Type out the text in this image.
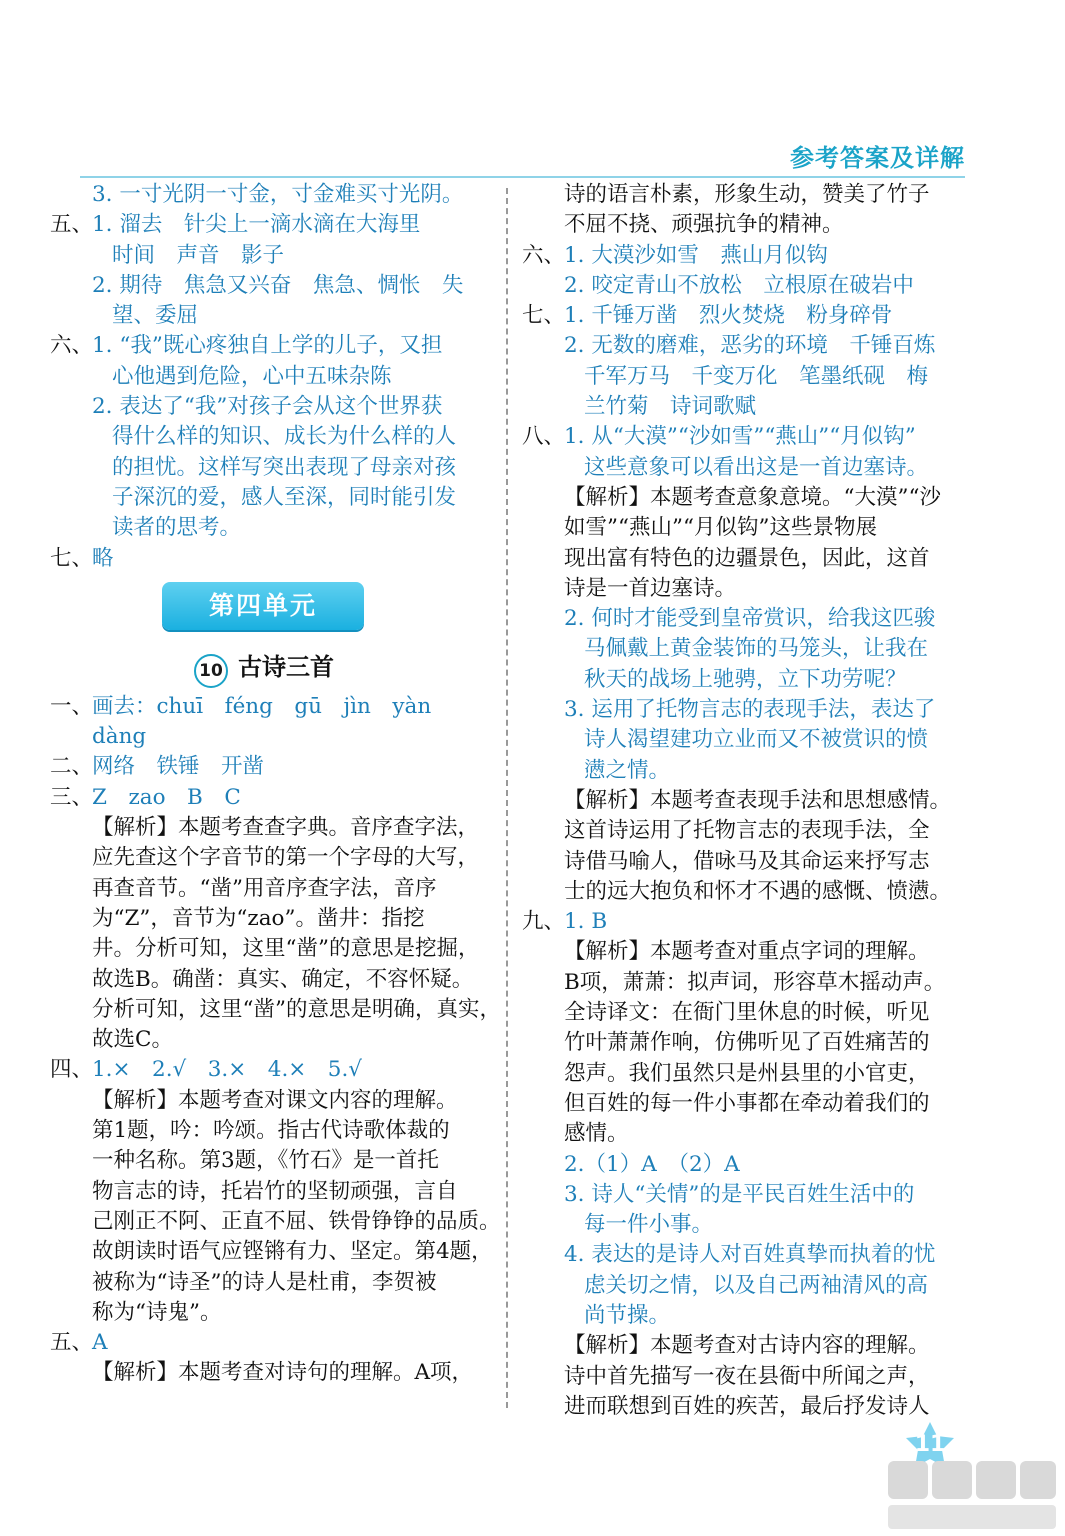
参考答案及详解
3. 一寸光阴一寸金，寸金难买寸光阴。
五、
1. 溜去　针尖上一滴水滴在大海里
时间　声音　影子
2. 期待　焦急又兴奋　焦急、惆怅　失
望、委屈
六、
1. “我”既心疼独自上学的儿子，又担
心他遇到危险，心中五味杂陈
2. 表达了“我”对孩子会从这个世界获
得什么样的知识、成长为什么样的人
的担忧。这样写突出表现了母亲对孩
子深沉的爱，感人至深，同时能引发
读者的思考。
七、
略
第四单元
10 古诗三首
一、
画去：chuī　féng　gū　jìn　yàn
dàng
二、
网络　铁锤　开凿
三、
Z　zao　B　C
【解析】本题考查查字典。音序查字法，
应先查这个字音节的第一个字母的大写，
再查音节。“凿”用音序查字法，音序
为“Z”，音节为“zao”。凿井：指挖
井。分析可知，这里“凿”的意思是挖掘，
故选B。确凿：真实、确定，不容怀疑。
分析可知，这里“凿”的意思是明确，真实，
故选C。
四、
1.×　2.√　3.×　4.×　5.√
【解析】本题考查对课文内容的理解。
第1题，吟：吟颂。指古代诗歌体裁的
一种名称。第3题，《竹石》是一首托
物言志的诗，托岩竹的坚韧顽强，言自
己刚正不阿、正直不屈、铁骨铮铮的品质。
故朗读时语气应铿锵有力、坚定。第4题，
被称为“诗圣”的诗人是杜甫，李贺被
称为“诗鬼”。
五、
A
【解析】本题考查对诗句的理解。A项，
诗的语言朴素，形象生动，赞美了竹子
不屈不挠、顽强抗争的精神。
六、
1. 大漠沙如雪　燕山月似钩
2. 咬定青山不放松　立根原在破岩中
七、
1. 千锤万凿　烈火焚烧　粉身碎骨
2. 无数的磨难，恶劣的环境　千锤百炼
千军万马　千变万化　笔墨纸砚　梅
兰竹菊　诗词歌赋
八、
1. 从“大漠”“沙如雪”“燕山”“月似钩”
这些意象可以看出这是一首边塞诗。
【解析】本题考查意象意境。“大漠”“沙
如雪”“燕山”“月似钩”这些景物展
现出富有特色的边疆景色，因此，这首
诗是一首边塞诗。
2. 何时才能受到皇帝赏识，给我这匹骏
马佩戴上黄金装饰的马笼头，让我在
秋天的战场上驰骋，立下功劳呢？
3. 运用了托物言志的表现手法，表达了
诗人渴望建功立业而又不被赏识的愤
懑之情。
【解析】本题考查表现手法和思想感情。
这首诗运用了托物言志的表现手法，全
诗借马喻人，借咏马及其命运来抒写志
士的远大抱负和怀才不遇的感慨、愤懑。
九、
1. B
【解析】本题考查对重点字词的理解。
B项，萧萧：拟声词，形容草木摇动声。
全诗译文：在衙门里休息的时候，听见
竹叶萧萧作响，仿佛听见了百姓痛苦的
怨声。我们虽然只是州县里的小官吏，
但百姓的每一件小事都在牵动着我们的
感情。
2.（1）A　（2）A
3. 诗人“关情”的是平民百姓生活中的
每一件小事。
4. 表达的是诗人对百姓真挚而执着的忧
虑关切之情，以及自己两袖清风的高
尚节操。
【解析】本题考查对古诗内容的理解。
诗中首先描写一夜在县衙中所闻之声，
进而联想到百姓的疾苦，最后抒发诗人
11
